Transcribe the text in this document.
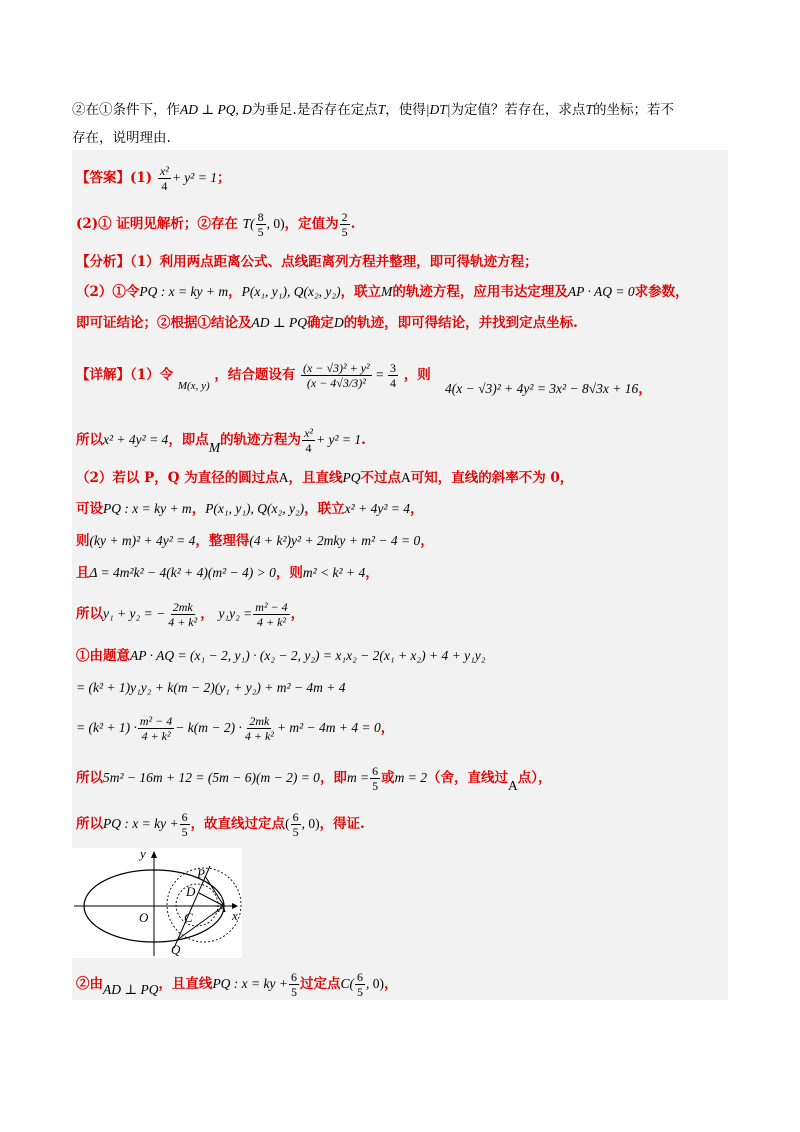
②在①条件下，作AD ⊥ PQ, D为垂足.是否存在定点T，使得|DT|为定值？若存在，求点T的坐标；若不
存在，说明理由.
【答案】$(1) \frac{\text{x²}}{4} + y^2 = 1$；
(2)① 证明见解析；②存在 $T( \frac{8}{5}$ , 0)，定值为 $\frac{2}{5}$ .
【分析】（1）利用两点距离公式、点线距离列方程并整理，即可得轨迹方程；
（2）①令PQ : x = ky + m，P(x₁, y₁), Q(x₂, y₂)，联立M的轨迹方程，应用韦达定理及AP · AQ = 0求参数，
即可证结论；②根据①结论及AD ⊥ PQ确定D的轨迹，即可得结论，并找到定点坐标.
【详解】（1）令 $_{M(x, y)}$ ，结合题设有 $\frac{\text{(x − √3)² + y²}}{\text{(x − 4√3/3)²}} = \frac{3}{4}$ ，则
4(x − √3)² + 4y² = 3x² − 8√3x + 16，
所以x² + 4y² = 4，即点M的轨迹方程为 $\frac{\text{x²}}{4} + y^2 = 1$.
（2）若以 P，Q 为直径的圆过点A，且直线PQ不过点A可知，直线的斜率不为 0，
可设PQ : x = ky + m，P(x₁, y₁), Q(x₂, y₂)，联立x² + 4y² = 4，
则(ky + m)² + 4y² = 4，整理得(4 + k²)y² + 2mky + m² − 4 = 0，
且Δ = 4m²k² − 4(k² + 4)(m² − 4) > 0，则m² < k² + 4，
所以y₁ + y₂ = − $\frac{2mk}{\text{4 + k²}}$ ， $y_1y_2 = \frac{\text{m² − 4}}{\text{4 + k²}}$ ，
①由题意AP · AQ = (x₁ − 2, y₁) · (x₂ − 2, y₂) = x₁x₂ − 2(x₁ + x₂) + 4 + y₁y₂
= (k² + 1)y₁y₂ + k(m − 2)(y₁ + y₂) + m² − 4m + 4
= $(k^2 + 1) \cdot \frac{\text{m² − 4}}{\text{4 + k²}} - k(m - 2) \cdot \frac{2mk}{\text{4 + k²}} + m^2 - 4m + 4 = 0$，
所以5m² − 16m + 12 = (5m − 6)(m − 2) = 0，即$m = \frac{6}{5}$ 或m = 2（舍，直线过A点），
所以PQ : x = ky + $\frac{6}{5}$ ，故直线过定点( $\frac{6}{5}$ , 0)，得证.
y
x
O	C
D
A
P
Q
②由AD ⊥ PQ，且直线PQ : x = ky + $\frac{6}{5}$ 过定点$C( \frac{6}{5}$ , 0)，
